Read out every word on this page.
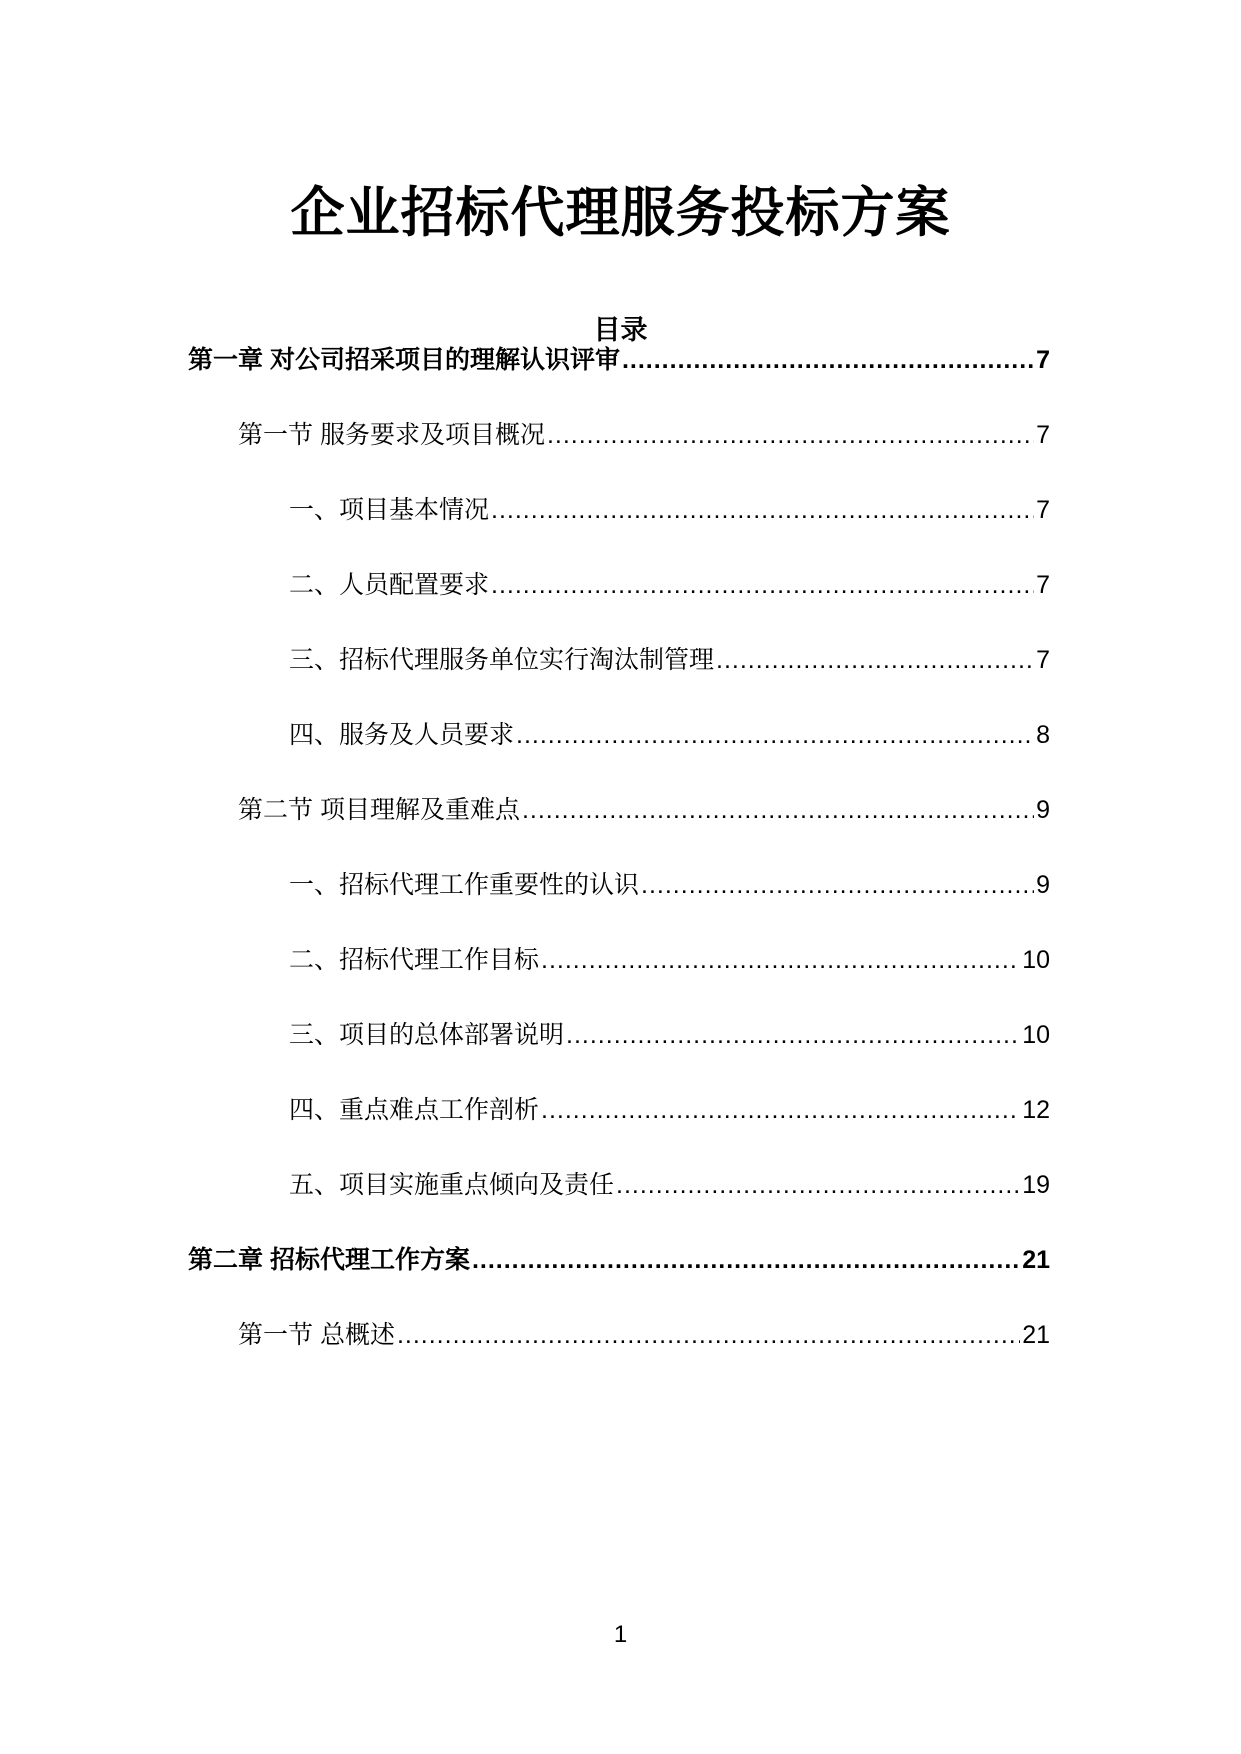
企业招标代理服务投标方案
目录
第一章 对公司招采项目的理解认识评审 .....	7
第一节 服务要求及项目概况 .....	7
一、项目基本情况 .....	7
二、人员配置要求 .....	7
三、招标代理服务单位实行淘汰制管理 .....	7
四、服务及人员要求 .....	8
第二节 项目理解及重难点 .....	9
一、招标代理工作重要性的认识 .....	9
二、招标代理工作目标 .....	10
三、项目的总体部署说明 .....	10
四、重点难点工作剖析 .....	12
五、项目实施重点倾向及责任 .....	19
第二章 招标代理工作方案 .....	21
第一节 总概述 .....	21
1
